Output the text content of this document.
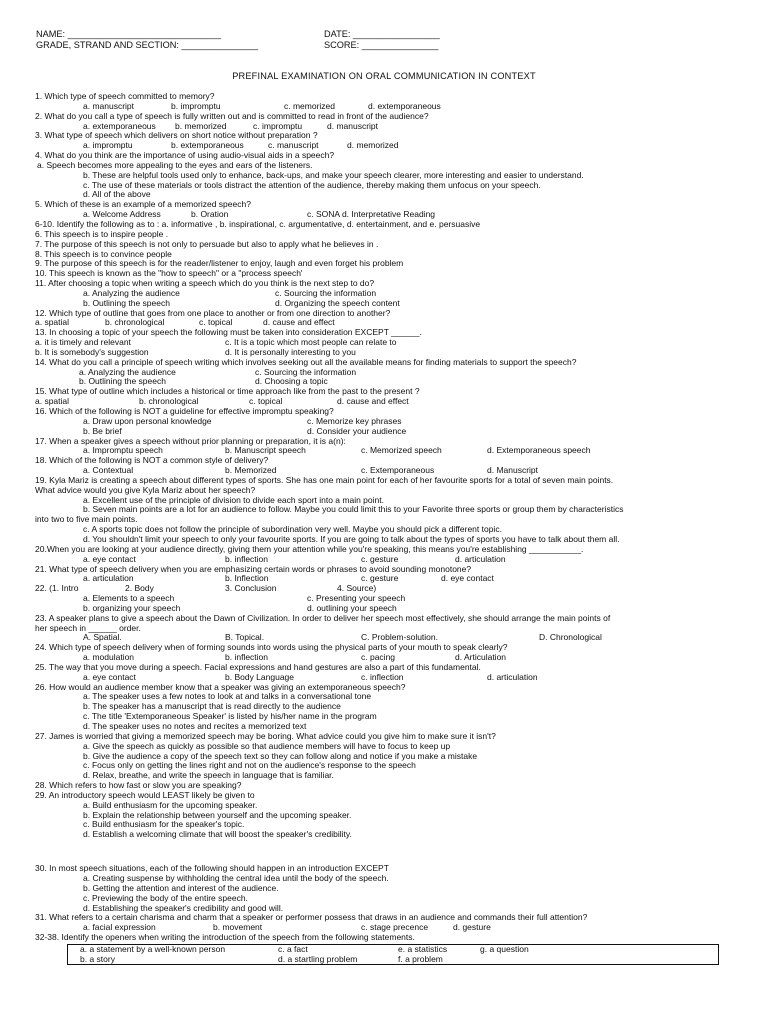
NAME: ______________________________	DATE: _________________
GRADE, STRAND AND SECTION: _______________	SCORE: _______________
PREFINAL EXAMINATION ON ORAL COMMUNICATION IN CONTEXT
1. Which type of speech committed to memory?
a. manuscript	b. impromptu	c. memorized	d. extemporaneous
2. What do you call a type of speech is fully written out and is committed to read in front of the audience?
a. extemporaneous b. memorized	c. impromptu	d. manuscript
3. What type of speech which delivers on short notice without preparation ?
a. impromptu	b. extemporaneous	c. manuscript	d. memorized
4. What do you think are the importance of using audio-visual aids in a speech?
a. Speech becomes more appealing to the eyes and ears of the listeners.
b. These are helpful tools used only to enhance, back-ups, and make your speech clearer, more interesting and easier to understand.
c. The use of these materials or tools distract the attention of the audience, thereby making them unfocus on your speech.
d. All of the above
5. Which of these is an example of a memorized speech?
a. Welcome Address	b. Oration	c. SONA d. Interpretative Reading
6-10. Identify the following as to : a. informative , b. inspirational, c. argumentative, d. entertainment, and e. persuasive
6. This speech is to inspire people .
7. The purpose of this speech is not only to persuade but also to apply what he believes in .
8. This speech is to convince people
9. The purpose of this speech is for the reader/listener to enjoy, laugh and even forget his problem
10. This speech is known as the "how to speech" or a "process speech'
11. After choosing a topic when writing a speech which do you think is the next step to do?
a. Analyzing the audience	c. Sourcing the information
b. Outlining the speech	d. Organizing the speech content
12. Which type of outline that goes from one place to another or from one direction to another?
a. spatial	b. chronological	c. topical	d. cause and effect
13. In choosing a topic of your speech the following must be taken into consideration EXCEPT ______.
a. it is timely and relevant	c. It is a topic which most people can relate to
b. It is somebody's suggestion	d. It is personally interesting to you
14. What do you call a principle of speech writing which involves seeking out all the available means for finding materials to support the speech?
a. Analyzing the audience	c. Sourcing the information
b. Outlining the speech	d. Choosing a topic
15. What type of outline which includes a historical or time approach like from the past to the present ?
a. spatial	b. chronological	c. topical	d. cause and effect
16. Which of the following is NOT a guideline for effective impromptu speaking?
a. Draw upon personal knowledge	c. Memorize key phrases
b. Be brief	d. Consider your audience
17. When a speaker gives a speech without prior planning or preparation, it is a(n):
a. Impromptu speech	b. Manuscript speech	c. Memorized speech	d. Extemporaneous speech
18. Which of the following is NOT a common style of delivery?
a. Contextual	b. Memorized	c. Extemporaneous	d. Manuscript
19. Kyla Mariz is creating a speech about different types of sports. She has one main point for each of her favourite sports for a total of seven main points.
What advice would you give Kyla Mariz about her speech?
a. Excellent use of the principle of division to divide each sport into a main point.
b. Seven main points are a lot for an audience to follow. Maybe you could limit this to your Favorite three sports or group them by characteristics
into two to five main points.
c. A sports topic does not follow the principle of subordination very well. Maybe you should pick a different topic.
d. You shouldn't limit your speech to only your favourite sports. If you are going to talk about the types of sports you have to talk about them all.
20.When you are looking at your audience directly, giving them your attention while you're speaking, this means you're establishing ___________.
a. eye contact	b. inflection	c. gesture	d. articulation
21. What type of speech delivery when you are emphasizing certain words or phrases to avoid sounding monotone?
a. articulation	b. Inflection	c. gesture	d. eye contact
22. (1. Intro	2. Body	3. Conclusion	4. Source)
a. Elements to a speech	c. Presenting your speech
b. organizing your speech	d. outlining your speech
23. A speaker plans to give a speech about the Dawn of Civilization. In order to deliver her speech most effectively, she should arrange the main points of
her speech in ______ order.
A. Spatial.	B. Topical.	C. Problem-solution.	D. Chronological
24. Which type of speech delivery when of forming sounds into words using the physical parts of your mouth to speak clearly?
a. modulation	b. inflection	c. pacing	d. Articulation
25. The way that you move during a speech. Facial expressions and hand gestures are also a part of this fundamental.
a. eye contact	b. Body Language	c. inflection	d. articulation
26. How would an audience member know that a speaker was giving an extemporaneous speech?
a. The speaker uses a few notes to look at and talks in a conversational tone
b. The speaker has a manuscript that is read directly to the audience
c. The title 'Extemporaneous Speaker' is listed by his/her name in the program
d. The speaker uses no notes and recites a memorized text
27. James is worried that giving a memorized speech may be boring. What advice could you give him to make sure it isn't?
a. Give the speech as quickly as possible so that audience members will have to focus to keep up
b. Give the audience a copy of the speech text so they can follow along and notice if you make a mistake
c. Focus only on getting the lines right and not on the audience's response to the speech
d. Relax, breathe, and write the speech in language that is familiar.
28. Which refers to how fast or slow you are speaking?
29. An introductory speech would LEAST likely be given to
a. Build enthusiasm for the upcoming speaker.
b. Explain the relationship between yourself and the upcoming speaker.
c. Build enthusiasm for the speaker's topic.
d. Establish a welcoming climate that will boost the speaker's credibility.
30. In most speech situations, each of the following should happen in an introduction EXCEPT
a. Creating suspense by withholding the central idea until the body of the speech.
b. Getting the attention and interest of the audience.
c. Previewing the body of the entire speech.
d. Establishing the speaker's credibility and good will.
31. What refers to a certain charisma and charm that a speaker or performer possess that draws in an audience and commands their full attention?
a. facial expression	b. movement	c. stage precence	d. gesture
32-38. Identify the openers when writing the introduction of the speech from the following statements.
a. a statement by a well-known person	c. a fact	e. a statistics	g. a question
b. a story	d. a startling problem	f. a problem
